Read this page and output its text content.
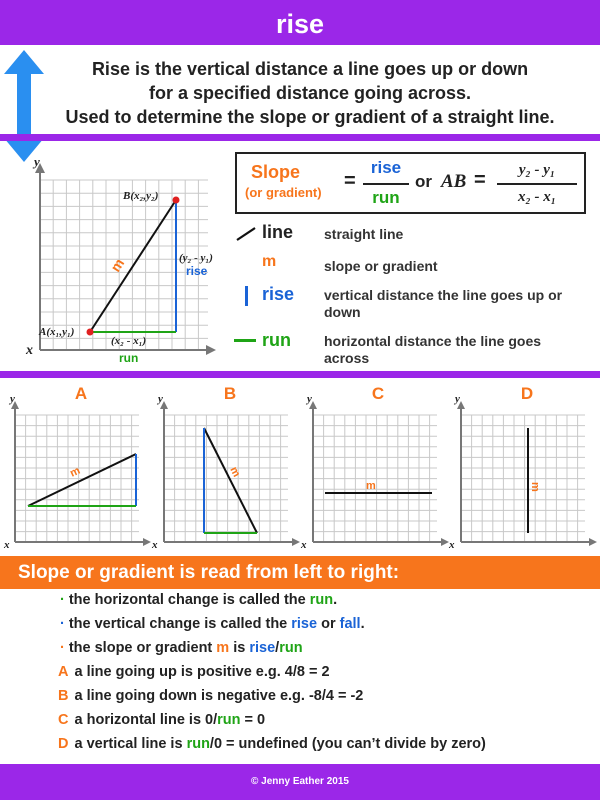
rise
Rise is the vertical distance a line goes up or down
for a specified distance going across.
Used to determine the slope or gradient of a straight line.
y
x
A(x₁,y₁)
B(x₂,y₂)
(y₂ - y₁)
rise
(x₂ - x₁)
run
m
Slope
(or gradient)
=
rise
run
or AB =	y₂ - y₁
x₂ - x₁
line	straight line
m	slope or gradient
rise	vertical distance the line goes up or down
run	horizontal distance the line goes across
A	B	C	D
m	m
m	m
y
x
y
x
y
x
y
x
Slope or gradient is read from left to right:
· the horizontal change is called the run.
· the vertical change is called the rise or fall.
· the slope or gradient m is rise/run
A a line going up is positive e.g. 4/8 = 2
B a line going down is negative e.g. -8/4 = -2
C a horizontal line is 0/run = 0
D a vertical line is run/0 = undefined (you can’t divide by zero)
© Jenny Eather 2015
